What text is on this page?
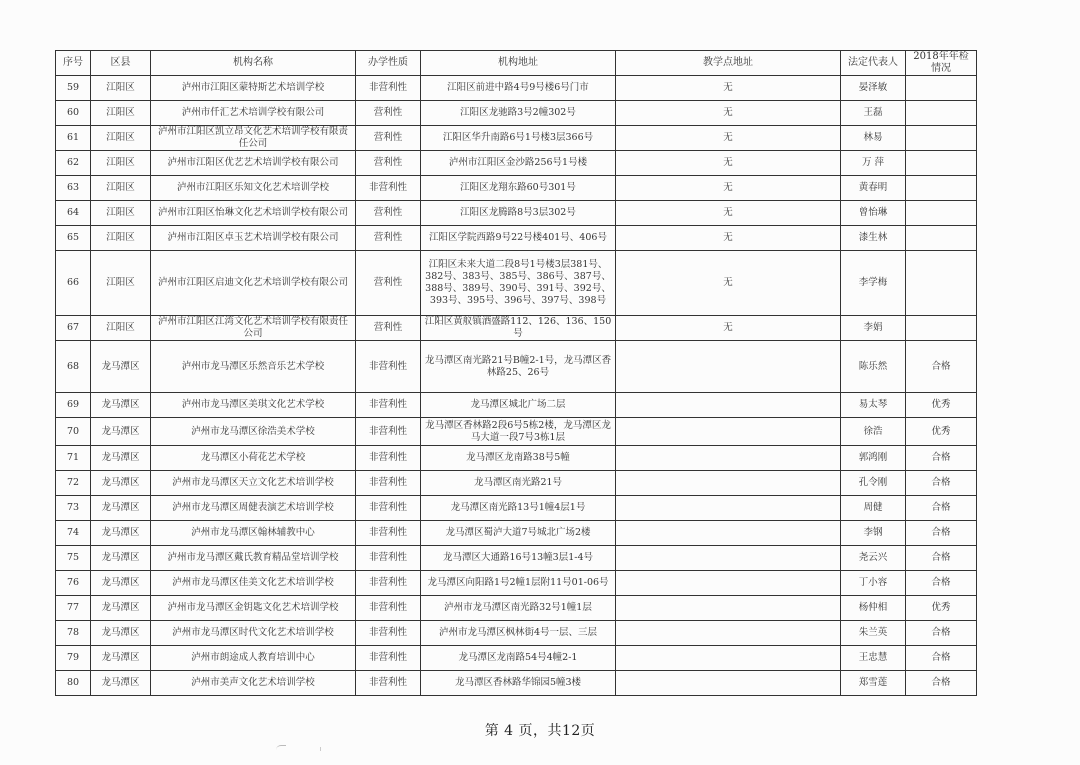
序号	区县	机构名称	办学性质	机构地址	教学点地址	法定代表人	2018年年检情况
59	江阳区	泸州市江阳区蒙特斯艺术培训学校	非营利性	江阳区前进中路4号9号楼6号门市	无	晏泽敏	
60	江阳区	泸州市仟汇艺术培训学校有限公司	营利性	江阳区龙驰路3号2幢302号	无	王磊	
61	江阳区	泸州市江阳区凯立昂文化艺术培训学校有限责任公司	营利性	江阳区华升南路6号1号楼3层366号	无	林易	
62	江阳区	泸州市江阳区优艺艺术培训学校有限公司	营利性	泸州市江阳区金沙路256号1号楼	无	万 萍	
63	江阳区	泸州市江阳区乐知文化艺术培训学校	非营利性	江阳区龙翔东路60号301号	无	黄春明	
64	江阳区	泸州市江阳区怡琳文化艺术培训学校有限公司	营利性	江阳区龙腾路8号3层302号	无	曾怡琳	
65	江阳区	泸州市江阳区卓玉艺术培训学校有限公司	营利性	江阳区学院西路9号22号楼401号、406号	无	漆生林	
66	江阳区	泸州市江阳区启迪文化艺术培训学校有限公司	营利性	江阳区未来大道二段8号1号楼3层381号、382号、383号、385号、386号、387号、388号、389号、390号、391号、392号、393号、395号、396号、397号、398号	无	李学梅	
67	江阳区	泸州市江阳区江湾文化艺术培训学校有限责任公司	营利性	江阳区黄舣镇酒盛路112、126、136、150号	无	李娟	
68	龙马潭区	泸州市龙马潭区乐然音乐艺术学校	非营利性	龙马潭区南光路21号B幢2-1号，龙马潭区香林路25、26号		陈乐然	合格
69	龙马潭区	泸州市龙马潭区美琪文化艺术学校	非营利性	龙马潭区城北广场二层		易太琴	优秀
70	龙马潭区	泸州市龙马潭区徐浩美术学校	非营利性	龙马潭区香林路2段6号5栋2楼，龙马潭区龙马大道一段7号3栋1层		徐浩	优秀
71	龙马潭区	龙马潭区小荷花艺术学校	非营利性	龙马潭区龙南路38号5幢		郭鸿刚	合格
72	龙马潭区	泸州市龙马潭区天立文化艺术培训学校	非营利性	龙马潭区南光路21号		孔令刚	合格
73	龙马潭区	泸州市龙马潭区周健表演艺术培训学校	非营利性	龙马潭区南光路13号1幢4层1号		周健	合格
74	龙马潭区	泸州市龙马潭区翰林辅教中心	非营利性	龙马潭区蜀泸大道7号城北广场2楼		李钢	合格
75	龙马潭区	泸州市龙马潭区戴氏教育精品堂培训学校	非营利性	龙马潭区大通路16号13幢3层1-4号		尧云兴	合格
76	龙马潭区	泸州市龙马潭区佳美文化艺术培训学校	非营利性	龙马潭区向阳路1号2幢1层附11号01-06号		丁小容	合格
77	龙马潭区	泸州市龙马潭区金钥匙文化艺术培训学校	非营利性	泸州市龙马潭区南光路32号1幢1层		杨仲相	优秀
78	龙马潭区	泸州市龙马潭区时代文化艺术培训学校	非营利性	泸州市龙马潭区枫林街4号一层、三层		朱兰英	合格
79	龙马潭区	泸州市朗途成人教育培训中心	非营利性	龙马潭区龙南路54号4幢2-1		王忠慧	合格
80	龙马潭区	泸州市美声文化艺术培训学校	非营利性	龙马潭区香林路华锦园5幢3楼		郑雪莲	合格
第 4 页，共12页
